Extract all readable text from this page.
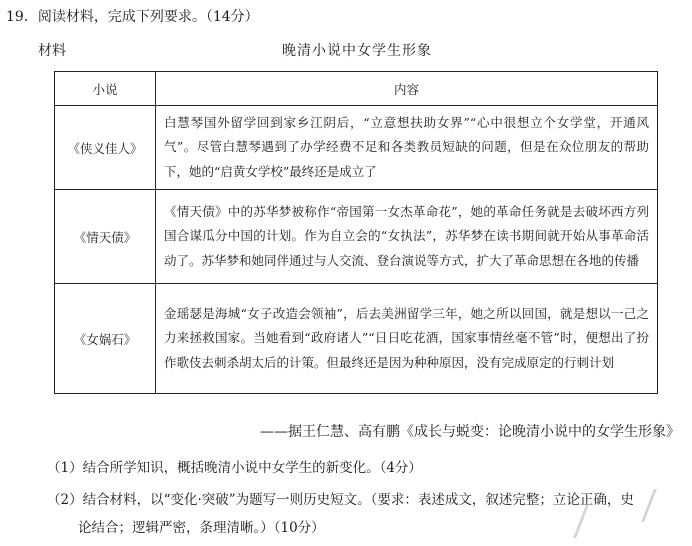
19．阅读材料，完成下列要求。（14分）
材料	晚清小说中女学生形象
小说	内容
《侠义佳人》	白慧琴国外留学回到家乡江阴后，“立意想扶助女界”“心中很想立个女学堂，开通风气”。尽管白慧琴遇到了办学经费不足和各类教员短缺的问题，但是在众位朋友的帮助下，她的“启黄女学校”最终还是成立了
《情天债》	《情天债》中的苏华梦被称作“帝国第一女杰革命花”，她的革命任务就是去破坏西方列国合谋瓜分中国的计划。作为自立会的“女执法”，苏华梦在读书期间就开始从事革命活动了。苏华梦和她同伴通过与人交流、登台演说等方式，扩大了革命思想在各地的传播
《女娲石》	金瑶瑟是海城“女子改造会领袖”，后去美洲留学三年，她之所以回国，就是想以一己之力来拯救国家。当她看到“政府诸人”“日日吃花酒，国家事情丝毫不管”时，便想出了扮作歌伎去刺杀胡太后的计策。但最终还是因为种种原因，没有完成原定的行刺计划
——据王仁慧、高有鹏《成长与蜕变：论晚清小说中的女学生形象》
（1）结合所学知识，概括晚清小说中女学生的新变化。（4分）
（2）结合材料，以“变化·突破”为题写一则历史短文。（要求：表述成文，叙述完整；立论正确，史
论结合；逻辑严密，条理清晰。）（10分）	⁄ ⁄
